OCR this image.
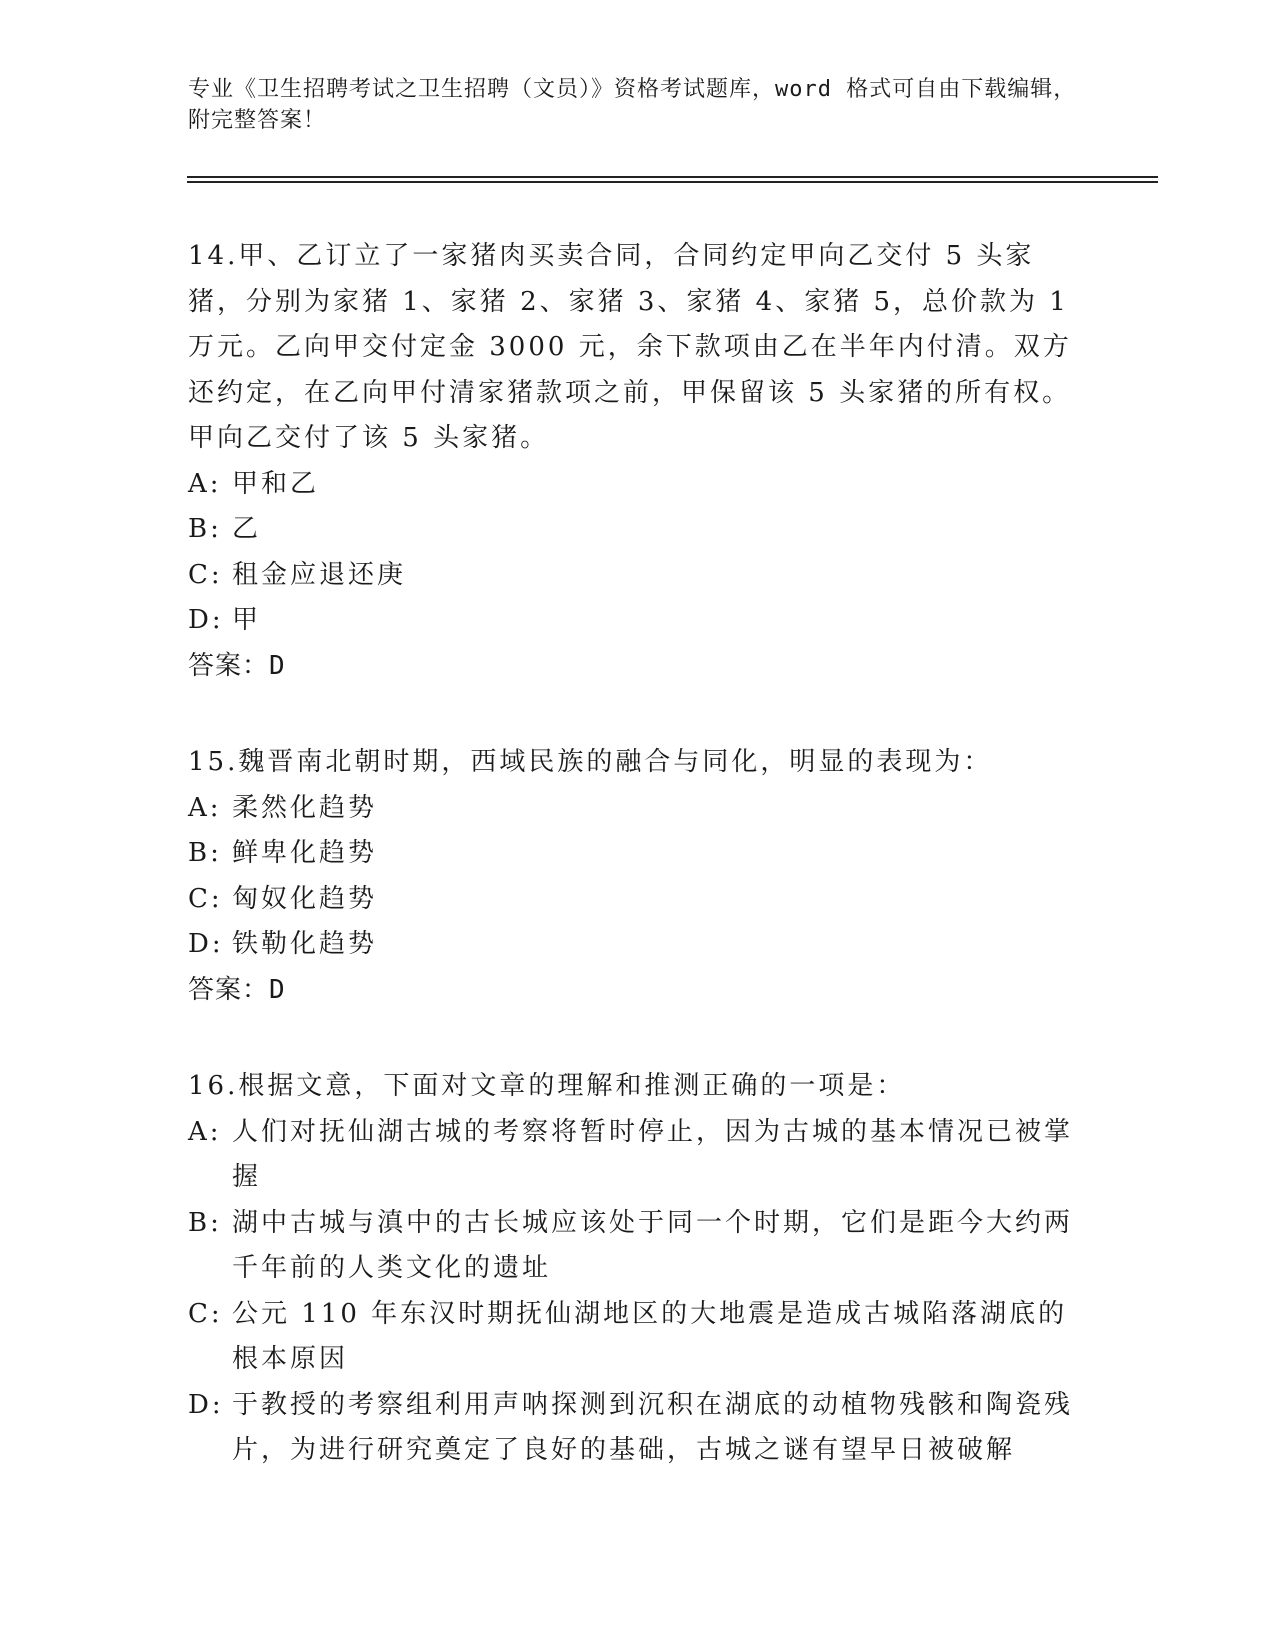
专业《卫生招聘考试之卫生招聘（文员）》资格考试题库，word 格式可自由下载编辑，附完整答案！

14.甲、乙订立了一家猪肉买卖合同，合同约定甲向乙交付 5 头家猪，分别为家猪 1、家猪 2、家猪 3、家猪 4、家猪 5，总价款为 1 万元。乙向甲交付定金 3000 元，余下款项由乙在半年内付清。双方还约定，在乙向甲付清家猪款项之前，甲保留该 5 头家猪的所有权。甲向乙交付了该 5 头家猪。

A: 甲和乙

B: 乙

C: 租金应退还庚

D: 甲

答案：D

15.魏晋南北朝时期，西域民族的融合与同化，明显的表现为：

A: 柔然化趋势

B: 鲜卑化趋势

C: 匈奴化趋势

D: 铁勒化趋势

答案：D

16.根据文意，下面对文章的理解和推测正确的一项是：

A: 人们对抚仙湖古城的考察将暂时停止，因为古城的基本情况已被掌握

B: 湖中古城与滇中的古长城应该处于同一个时期，它们是距今大约两千年前的人类文化的遗址

C: 公元 110 年东汉时期抚仙湖地区的大地震是造成古城陷落湖底的根本原因

D: 于教授的考察组利用声呐探测到沉积在湖底的动植物残骸和陶瓷残片，为进行研究奠定了良好的基础，古城之谜有望早日被破解
